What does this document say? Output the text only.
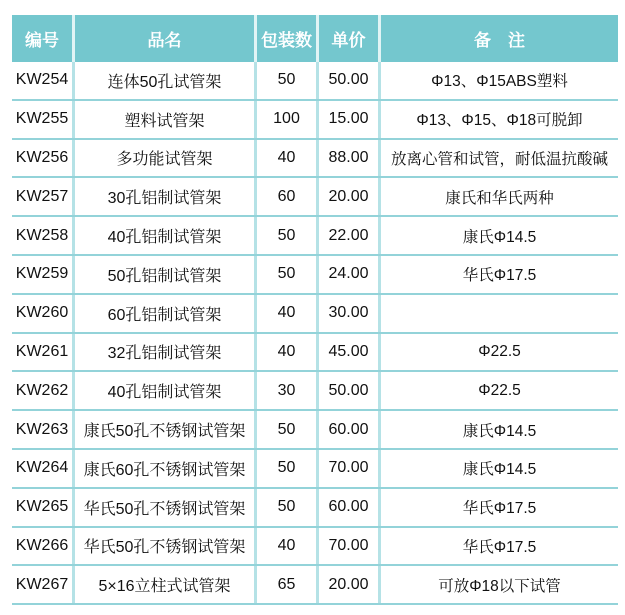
编号	品名	包装数	单价	备　注
KW254	连体50孔试管架	50	50.00	Φ13、Φ15ABS塑料
KW255	塑料试管架	100	15.00	Φ13、Φ15、Φ18可脱卸
KW256	多功能试管架	40	88.00	放离心管和试管，耐低温抗酸碱
KW257	30孔铝制试管架	60	20.00	康氏和华氏两种
KW258	40孔铝制试管架	50	22.00	康氏Φ14.5
KW259	50孔铝制试管架	50	24.00	华氏Φ17.5
KW260	60孔铝制试管架	40	30.00
KW261	32孔铝制试管架	40	45.00	Φ22.5
KW262	40孔铝制试管架	30	50.00	Φ22.5
KW263 康氏50孔不锈钢试管架	50	60.00	康氏Φ14.5
KW264 康氏60孔不锈钢试管架	50	70.00	康氏Φ14.5
KW265 华氏50孔不锈钢试管架	50	60.00	华氏Φ17.5
KW266 华氏50孔不锈钢试管架	40	70.00	华氏Φ17.5
KW267	5×16立柱式试管架	65	20.00	可放Φ18以下试管
